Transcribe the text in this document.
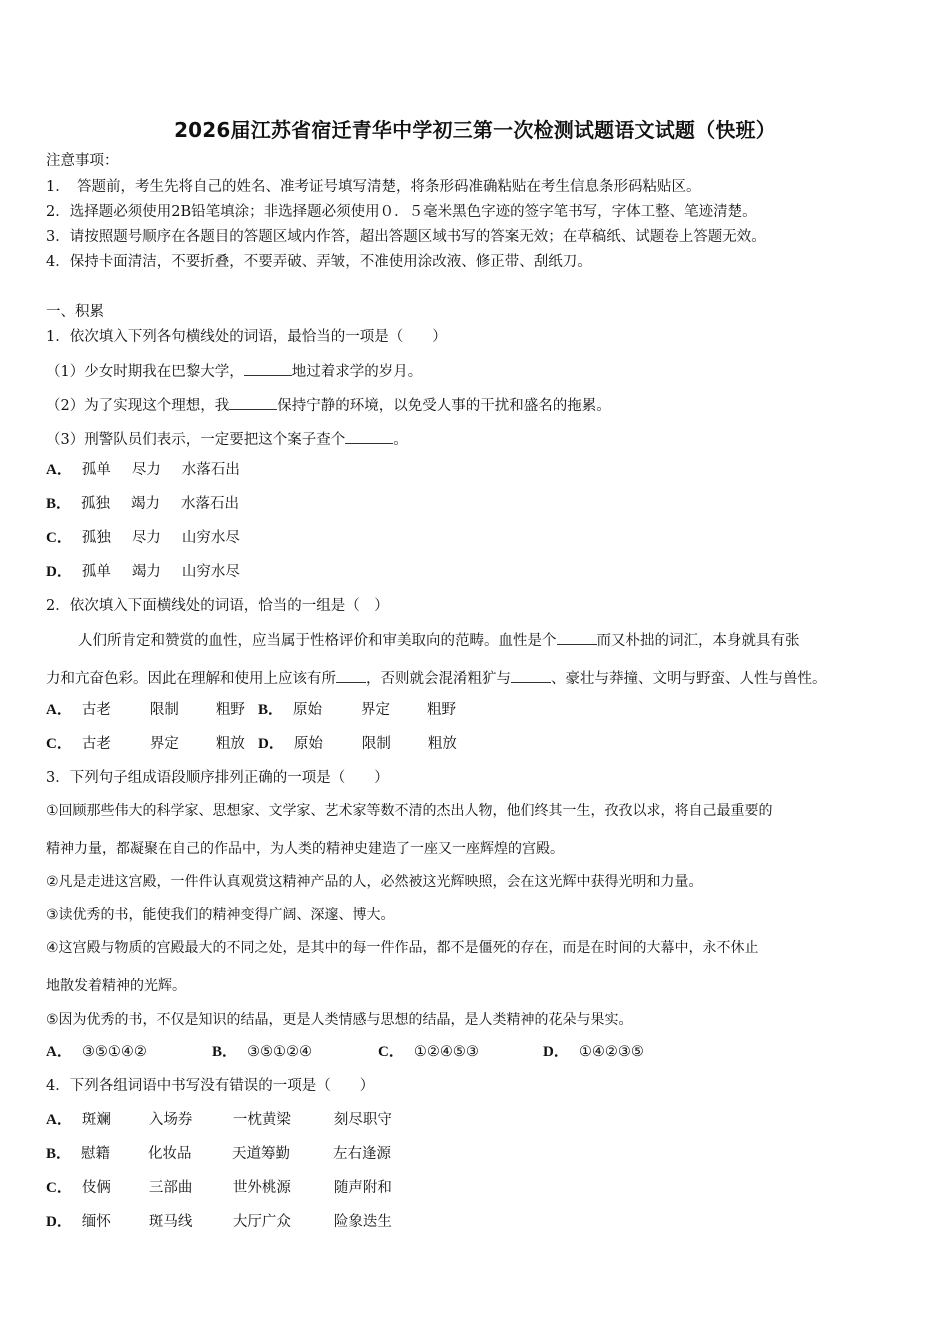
2026届江苏省宿迁青华中学初三第一次检测试题语文试题（快班）
注意事项：
1．　答题前，考生先将自己的姓名、准考证号填写清楚，将条形码准确粘贴在考生信息条形码粘贴区。
2．选择题必须使用2B铅笔填涂；非选择题必须使用０．５毫米黑色字迹的签字笔书写，字体工整、笔迹清楚。
3．请按照题号顺序在各题目的答题区域内作答，超出答题区域书写的答案无效；在草稿纸、试题卷上答题无效。
4．保持卡面清洁，不要折叠，不要弄破、弄皱，不准使用涂改液、修正带、刮纸刀。
一、积累
1．依次填入下列各句横线处的词语，最恰当的一项是（　　）
（1）少女时期我在巴黎大学，	地过着求学的岁月。
（2）为了实现这个理想，我	保持宁静的环境，以免受人事的干扰和盛名的拖累。
（3）刑警队员们表示，一定要把这个案子查个	。
A． 孤单 尽力 水落石出
B． 孤独 竭力 水落石出
C． 孤独 尽力 山穷水尽
D． 孤单 竭力 山穷水尽
2．依次填入下面横线处的词语，恰当的一组是（　）
人们所肯定和赞赏的血性，应当属于性格评价和审美取向的范畴。血性是个	而又朴拙的词汇，本身就具有张
力和亢奋色彩。因此在理解和使用上应该有所 ，否则就会混淆粗犷与	、豪壮与莽撞、文明与野蛮、人性与兽性。
A． 古老	限制	粗野 B． 原始	界定	粗野
C． 古老	界定	粗放 D． 原始	限制	粗放
3．下列句子组成语段顺序排列正确的一项是（　　）
①回顾那些伟大的科学家、思想家、文学家、艺术家等数不清的杰出人物，他们终其一生，孜孜以求，将自己最重要的
精神力量，都凝聚在自己的作品中，为人类的精神史建造了一座又一座辉煌的宫殿。
②凡是走进这宫殿，一件件认真观赏这精神产品的人，必然被这光辉映照，会在这光辉中获得光明和力量。
③读优秀的书，能使我们的精神变得广阔、深邃、博大。
④这宫殿与物质的宫殿最大的不同之处，是其中的每一件作品，都不是僵死的存在，而是在时间的大幕中，永不休止
地散发着精神的光辉。
⑤因为优秀的书，不仅是知识的结晶，更是人类情感与思想的结晶，是人类精神的花朵与果实。
A． ③⑤①④②	B． ③⑤①②④	C． ①②④⑤③	D． ①④②③⑤
4．下列各组词语中书写没有错误的一项是（　　）
A． 斑斓	入场券	一枕黄梁	刻尽职守
B． 慰籍	化妆品	天道筹勤	左右逢源
C． 伎俩	三部曲	世外桃源	随声附和
D． 缅怀	斑马线	大厅广众	险象迭生
